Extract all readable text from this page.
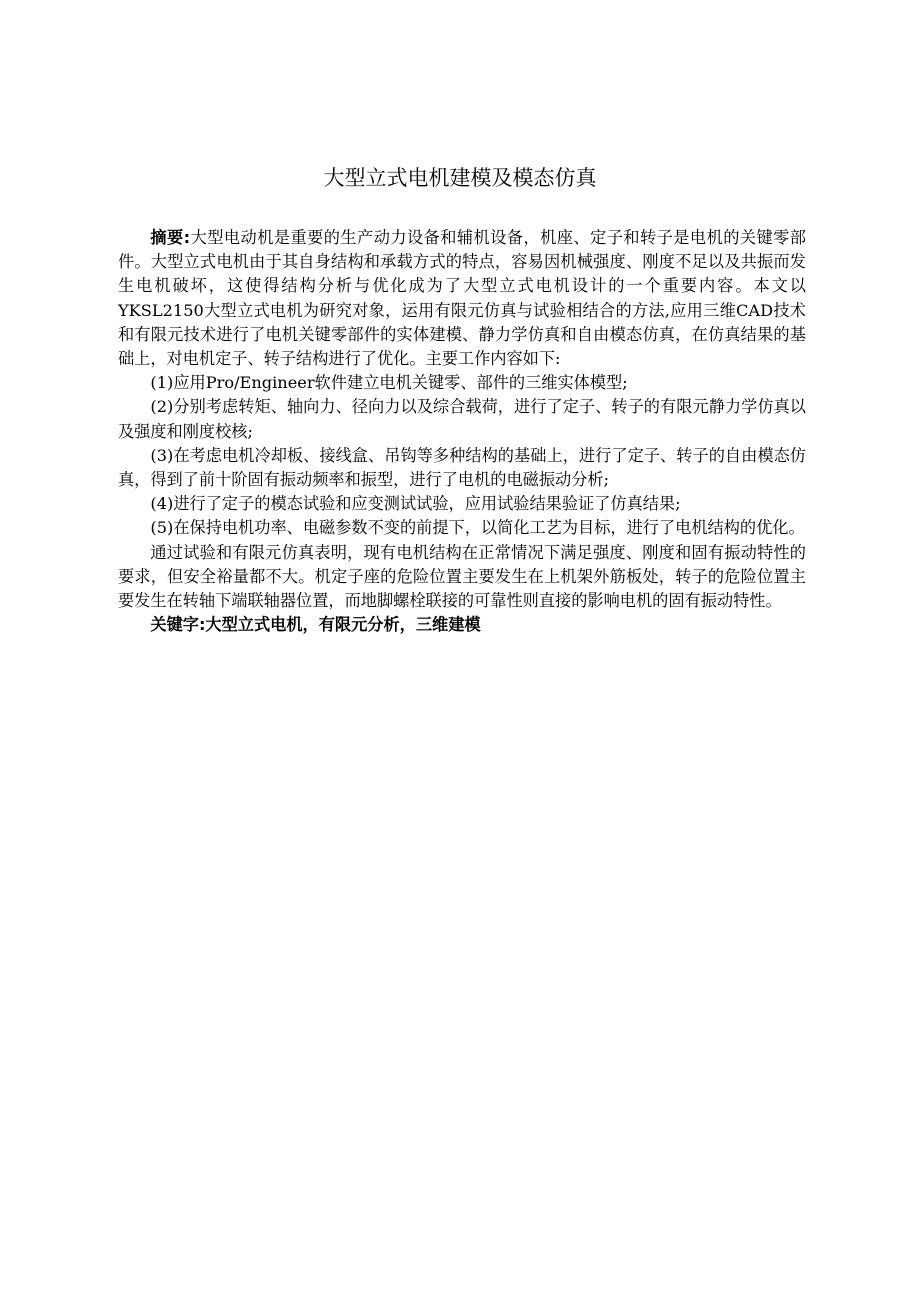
大型立式电机建模及模态仿真

摘要:大型电动机是重要的生产动力设备和辅机设备，机座、定子和转子是电机的关键零部件。大型立式电机由于其自身结构和承载方式的特点，容易因机械强度、刚度不足以及共振而发生电机破坏，这使得结构分析与优化成为了大型立式电机设计的一个重要内容。本文以YKSL2150大型立式电机为研究对象，运用有限元仿真与试验相结合的方法,应用三维CAD技术和有限元技术进行了电机关键零部件的实体建模、静力学仿真和自由模态仿真，在仿真结果的基础上，对电机定子、转子结构进行了优化。主要工作内容如下:

(1)应用Pro/Engineer软件建立电机关键零、部件的三维实体模型;

(2)分别考虑转矩、轴向力、径向力以及综合载荷，进行了定子、转子的有限元静力学仿真以及强度和刚度校核;

(3)在考虑电机冷却板、接线盒、吊钩等多种结构的基础上，进行了定子、转子的自由模态仿真，得到了前十阶固有振动频率和振型，进行了电机的电磁振动分析;

(4)进行了定子的模态试验和应变测试试验，应用试验结果验证了仿真结果;

(5)在保持电机功率、电磁参数不变的前提下，以简化工艺为目标，进行了电机结构的优化。

通过试验和有限元仿真表明，现有电机结构在正常情况下满足强度、刚度和固有振动特性的要求，但安全裕量都不大。机定子座的危险位置主要发生在上机架外筋板处，转子的危险位置主要发生在转轴下端联轴器位置，而地脚螺栓联接的可靠性则直接的影响电机的固有振动特性。

关键字:大型立式电机，有限元分析，三维建模
